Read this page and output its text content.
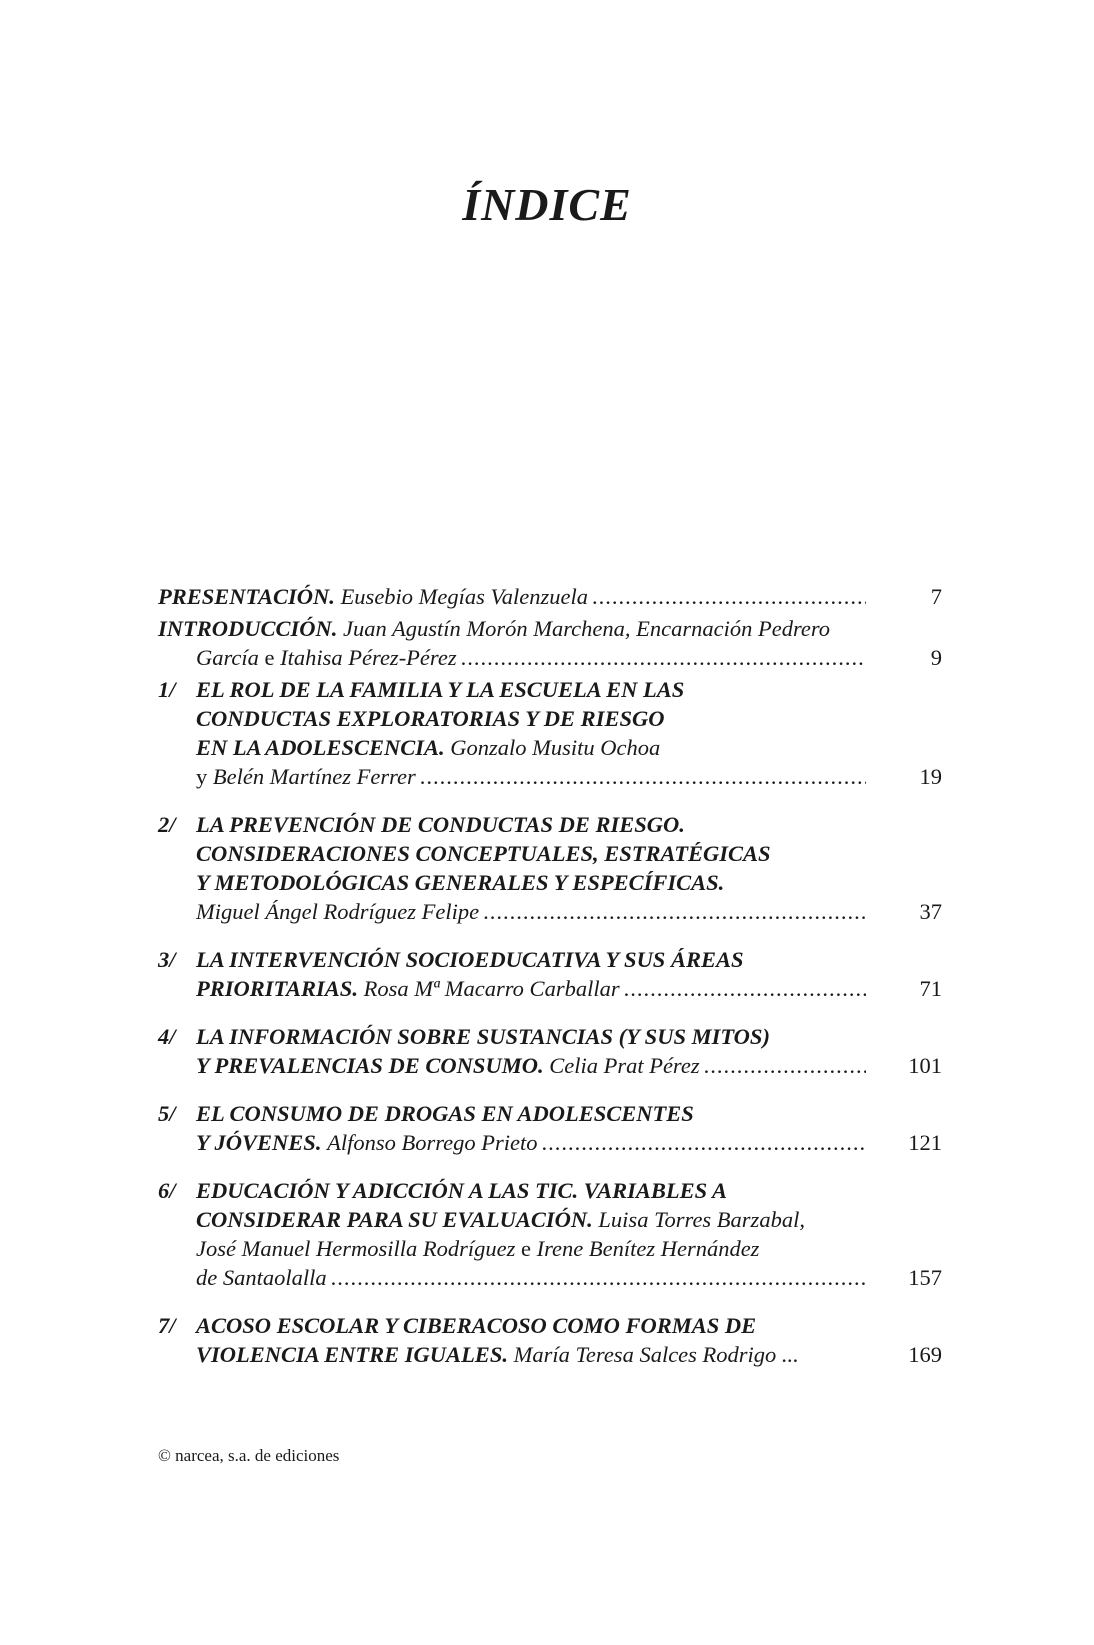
ÍNDICE
PRESENTACIÓN.
Eusebio Megías Valenzuela .....	7
INTRODUCCIÓN.
Juan Agustín Morón Marchena, Encarnación Pedrero
García
e
Itahisa Pérez-Pérez .....	9
1/ EL ROL DE LA FAMILIA Y LA ESCUELA EN LAS
CONDUCTAS EXPLORATORIAS Y DE RIESGO
EN LA ADOLESCENCIA.
Gonzalo Musitu Ochoa
y
Belén Martínez Ferrer .....	19
2/ LA PREVENCIÓN DE CONDUCTAS DE RIESGO.
CONSIDERACIONES CONCEPTUALES, ESTRATÉGICAS
Y METODOLÓGICAS GENERALES Y ESPECÍFICAS.
Miguel Ángel Rodríguez Felipe .....	37
3/ LA INTERVENCIÓN SOCIOEDUCATIVA Y SUS ÁREAS
PRIORITARIAS.
Rosa Mª Macarro Carballar .....	71
4/ LA INFORMACIÓN SOBRE SUSTANCIAS (Y SUS MITOS)
Y PREVALENCIAS DE CONSUMO.
Celia Prat Pérez .....	101
5/ EL CONSUMO DE DROGAS EN ADOLESCENTES
Y JÓVENES.
Alfonso Borrego Prieto .....	121
6/ EDUCACIÓN Y ADICCIÓN A LAS TIC. VARIABLES A
CONSIDERAR PARA SU EVALUACIÓN.
Luisa Torres Barzabal,
José Manuel Hermosilla Rodríguez
e
Irene Benítez Hernández
de Santaolalla .....	157
7/ ACOSO ESCOLAR Y CIBERACOSO COMO FORMAS DE
VIOLENCIA ENTRE IGUALES.
María Teresa Salces Rodrigo ...	169

© narcea, s.a. de ediciones
